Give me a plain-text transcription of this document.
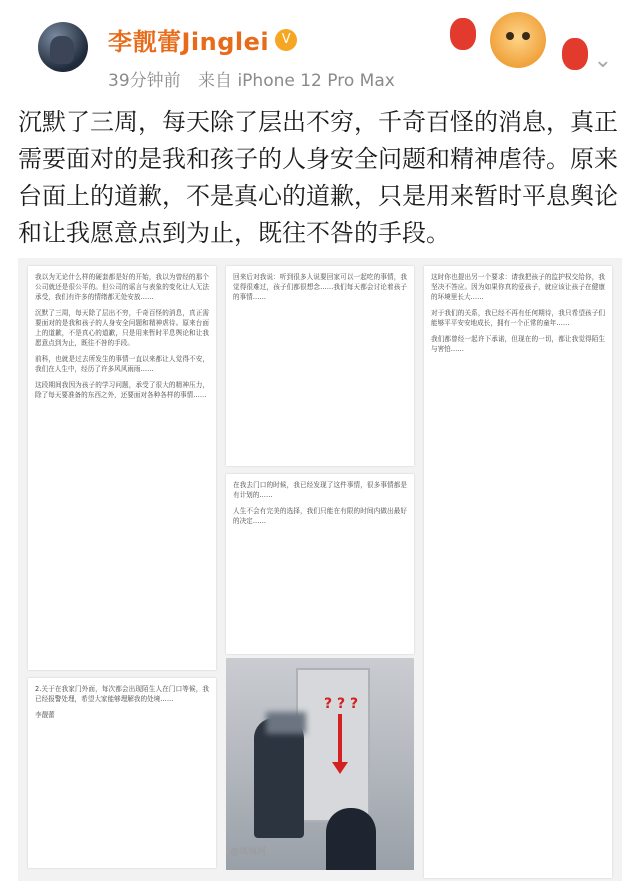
李靓蕾Jinglei V
39分钟前 来自 iPhone 12 Pro Max
⌄

沉默了三周，每天除了层出不穷，千奇百怪的消息，真正需要面对的是我和孩子的人身安全问题和精神虐待。原来台面上的道歉，不是真心的道歉，只是用来暂时平息舆论和让我愿意点到为止，既往不咎的手段。

我以为无论什么样的硬套都是好的开始，我以为曾经的那个公司就还是很公平的。但公司的谣言与表象的变化让人无法承受，我们有许多的情绪都无处安放……

沉默了三周，每天除了层出不穷，千奇百怪的消息，真正需要面对的是我和孩子的人身安全问题和精神虐待。原来台面上的道歉，不是真心的道歉，只是用来暂时平息舆论和让我愿意点到为止，既往不咎的手段。

前科，也就是过去所发生的事情一直以来都让人觉得不安，我们在人生中，经历了许多风风雨雨……

这段期间我因为孩子的学习问题，承受了很大的精神压力，除了每天要准备的东西之外，还要面对各种各样的事情……

回来后对我说：听到很多人说要回家可以一起吃的事情，我觉得很难过，孩子们都很想念……我们每天都会讨论着孩子的事情……

这时你也提出另一个要求：请我把孩子的监护权交给你，我坚决不答应。因为如果你真的爱孩子，就应该让孩子在健康的环境里长大……

对于我们的关系，我已经不再有任何期待，我只希望孩子们能够平平安安地成长，拥有一个正常的童年……

我们都曾经一起许下承诺，但现在的一切，都让我觉得陌生与害怕……

2.关于在我家门外面，每次都会出现陌生人在门口等候，我已经报警处理，希望大家能够理解我的处境……

李靓蕾

在我去门口的时候，我已经发现了这件事情，很多事情都是有计划的……

人生不会有完美的选择，我们只能在有限的时间内做出最好的决定……

? ? ?
@凤凰网
